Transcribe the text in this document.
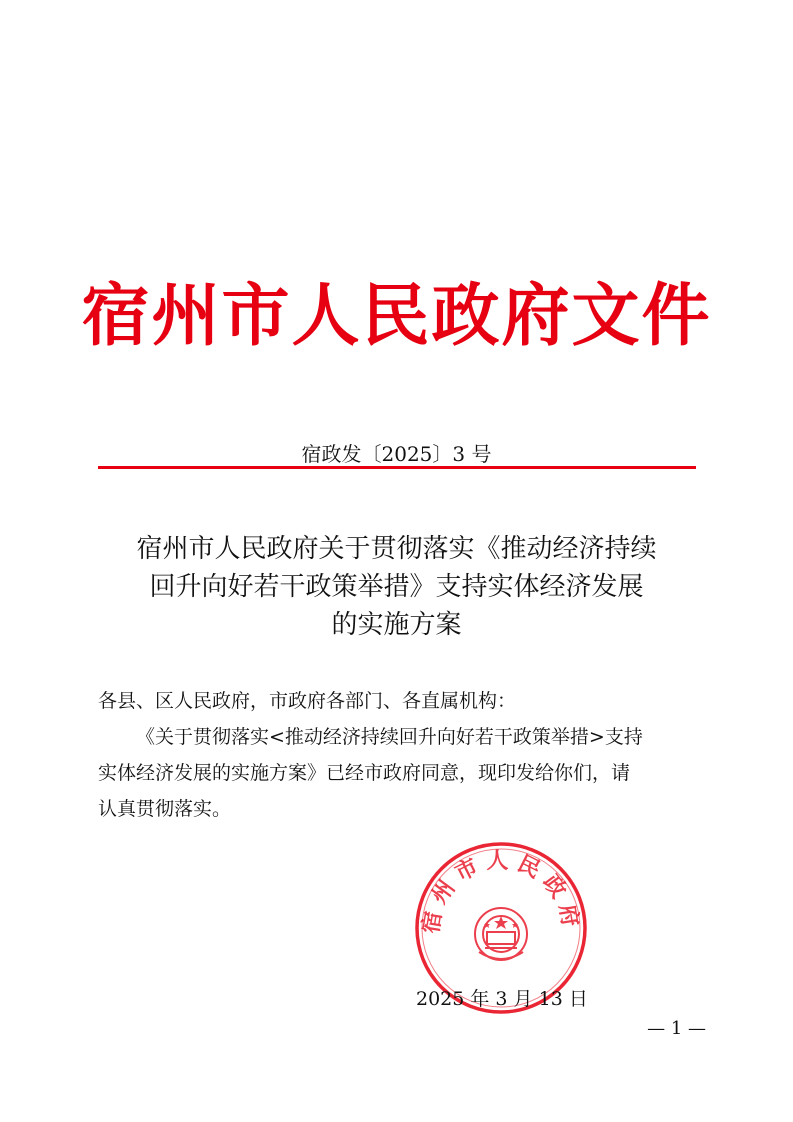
宿州市人民政府文件
宿政发〔2025〕3 号
宿州市人民政府关于贯彻落实《推动经济持续
回升向好若干政策举措》支持实体经济发展
的实施方案
各县、区人民政府，市政府各部门、各直属机构：
《关于贯彻落实<推动经济持续回升向好若干政策举措>支持
实体经济发展的实施方案》已经市政府同意，现印发给你们，请
认真贯彻落实。
宿州市人民政府
2025 年 3 月 13 日
— 1 —
